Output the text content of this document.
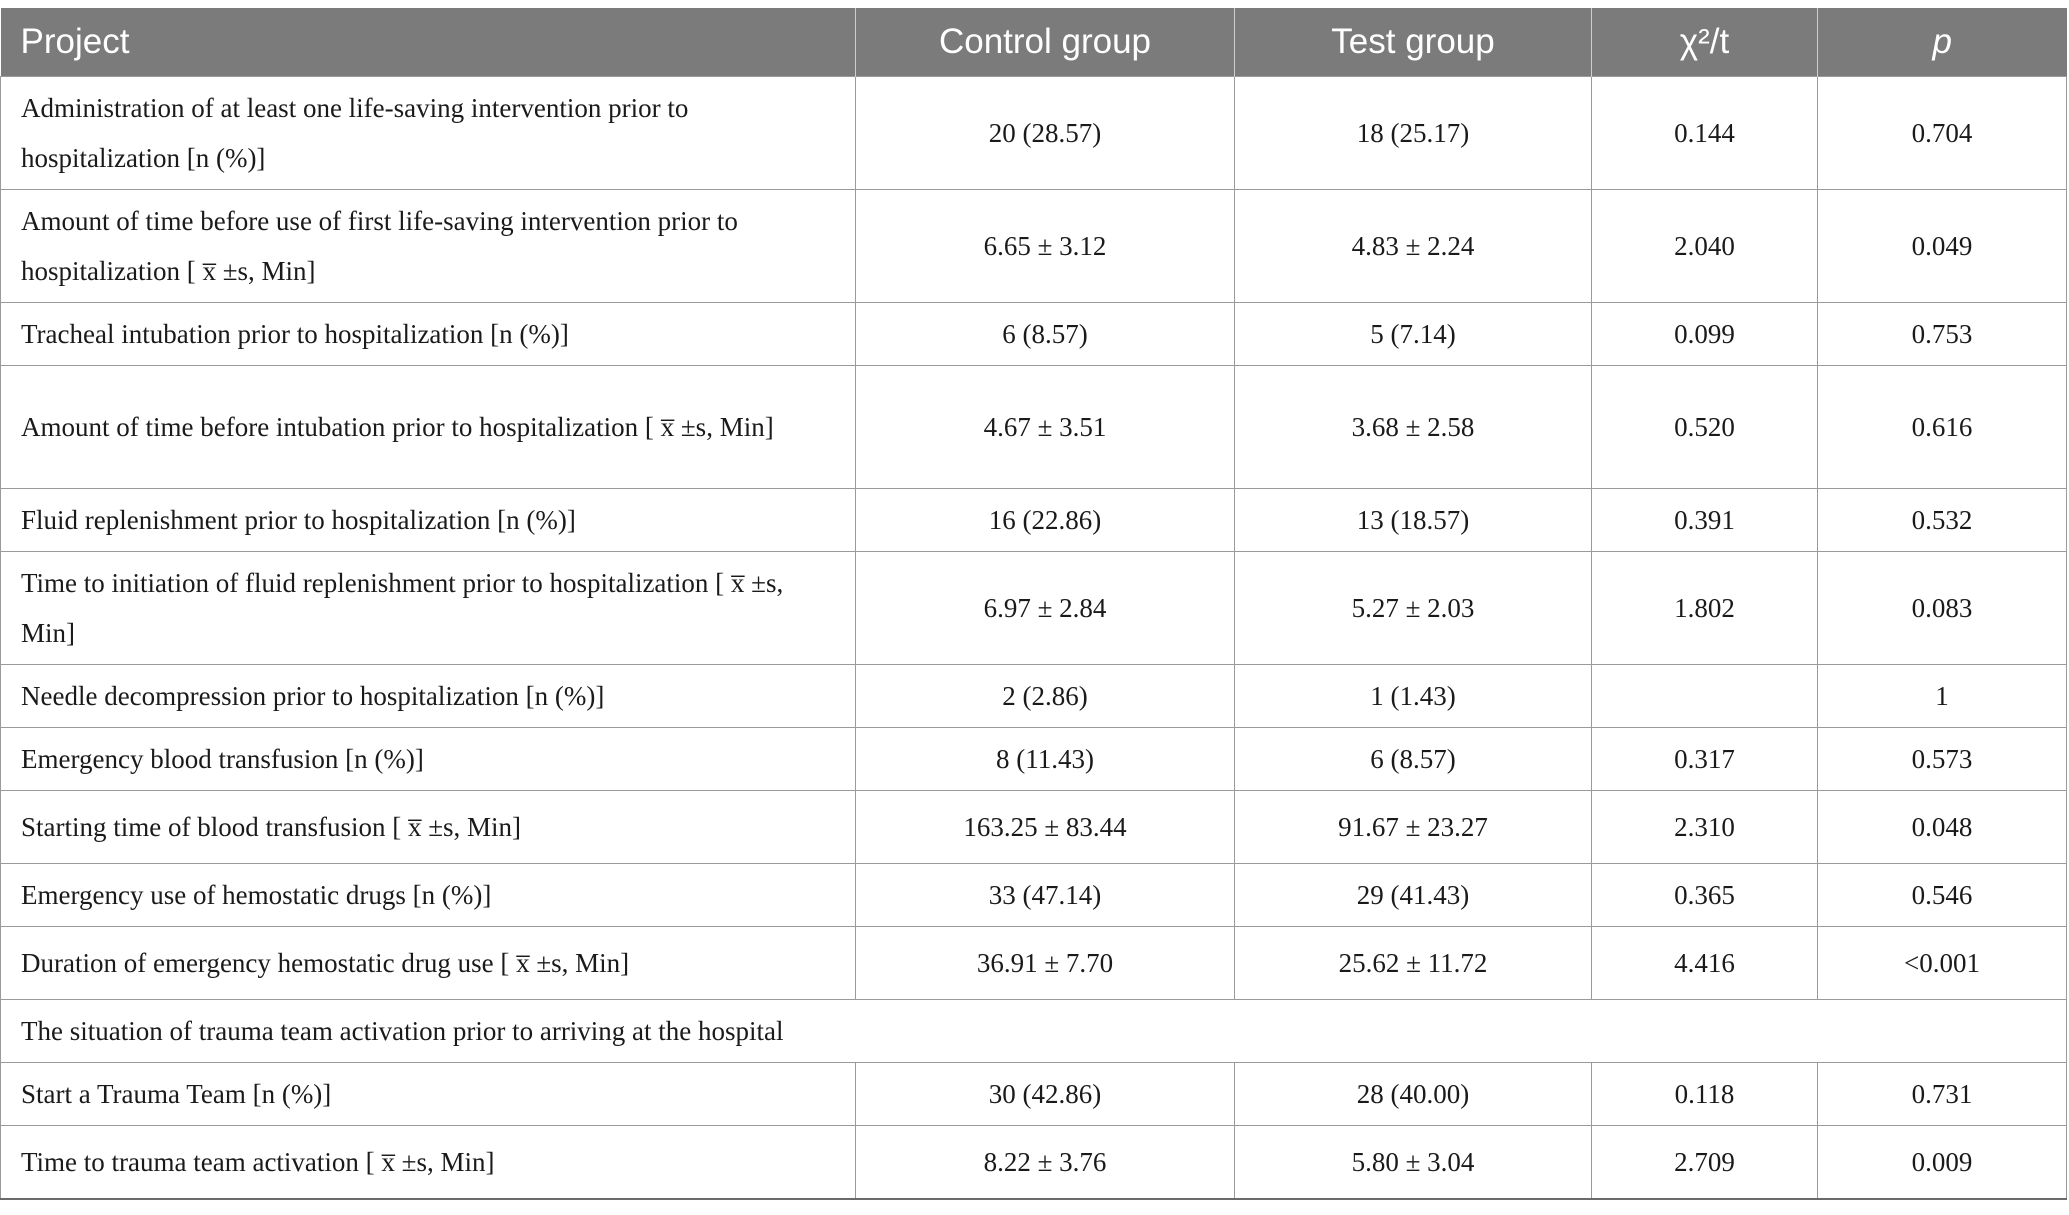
Project	Control group	Test group	χ²/t	p
Administration of at least one life-saving intervention prior to hospitalization [n (%)]	20 (28.57)	18 (25.17)	0.144	0.704
Amount of time before use of first life-saving intervention prior to hospitalization [ x̅ ±s, Min]	6.65 ± 3.12	4.83 ± 2.24	2.040	0.049
Tracheal intubation prior to hospitalization [n (%)]	6 (8.57)	5 (7.14)	0.099	0.753
Amount of time before intubation prior to hospitalization [ x̅ ±s, Min]	4.67 ± 3.51	3.68 ± 2.58	0.520	0.616
Fluid replenishment prior to hospitalization [n (%)]	16 (22.86)	13 (18.57)	0.391	0.532
Time to initiation of fluid replenishment prior to hospitalization [ x̅ ±s, Min]	6.97 ± 2.84	5.27 ± 2.03	1.802	0.083
Needle decompression prior to hospitalization [n (%)]	2 (2.86)	1 (1.43)		1
Emergency blood transfusion [n (%)]	8 (11.43)	6 (8.57)	0.317	0.573
Starting time of blood transfusion [ x̅ ±s, Min]	163.25 ± 83.44	91.67 ± 23.27	2.310	0.048
Emergency use of hemostatic drugs [n (%)]	33 (47.14)	29 (41.43)	0.365	0.546
Duration of emergency hemostatic drug use [ x̅ ±s, Min]	36.91 ± 7.70	25.62 ± 11.72	4.416	<0.001
The situation of trauma team activation prior to arriving at the hospital				
Start a Trauma Team [n (%)]	30 (42.86)	28 (40.00)	0.118	0.731
Time to trauma team activation [ x̅ ±s, Min]	8.22 ± 3.76	5.80 ± 3.04	2.709	0.009
